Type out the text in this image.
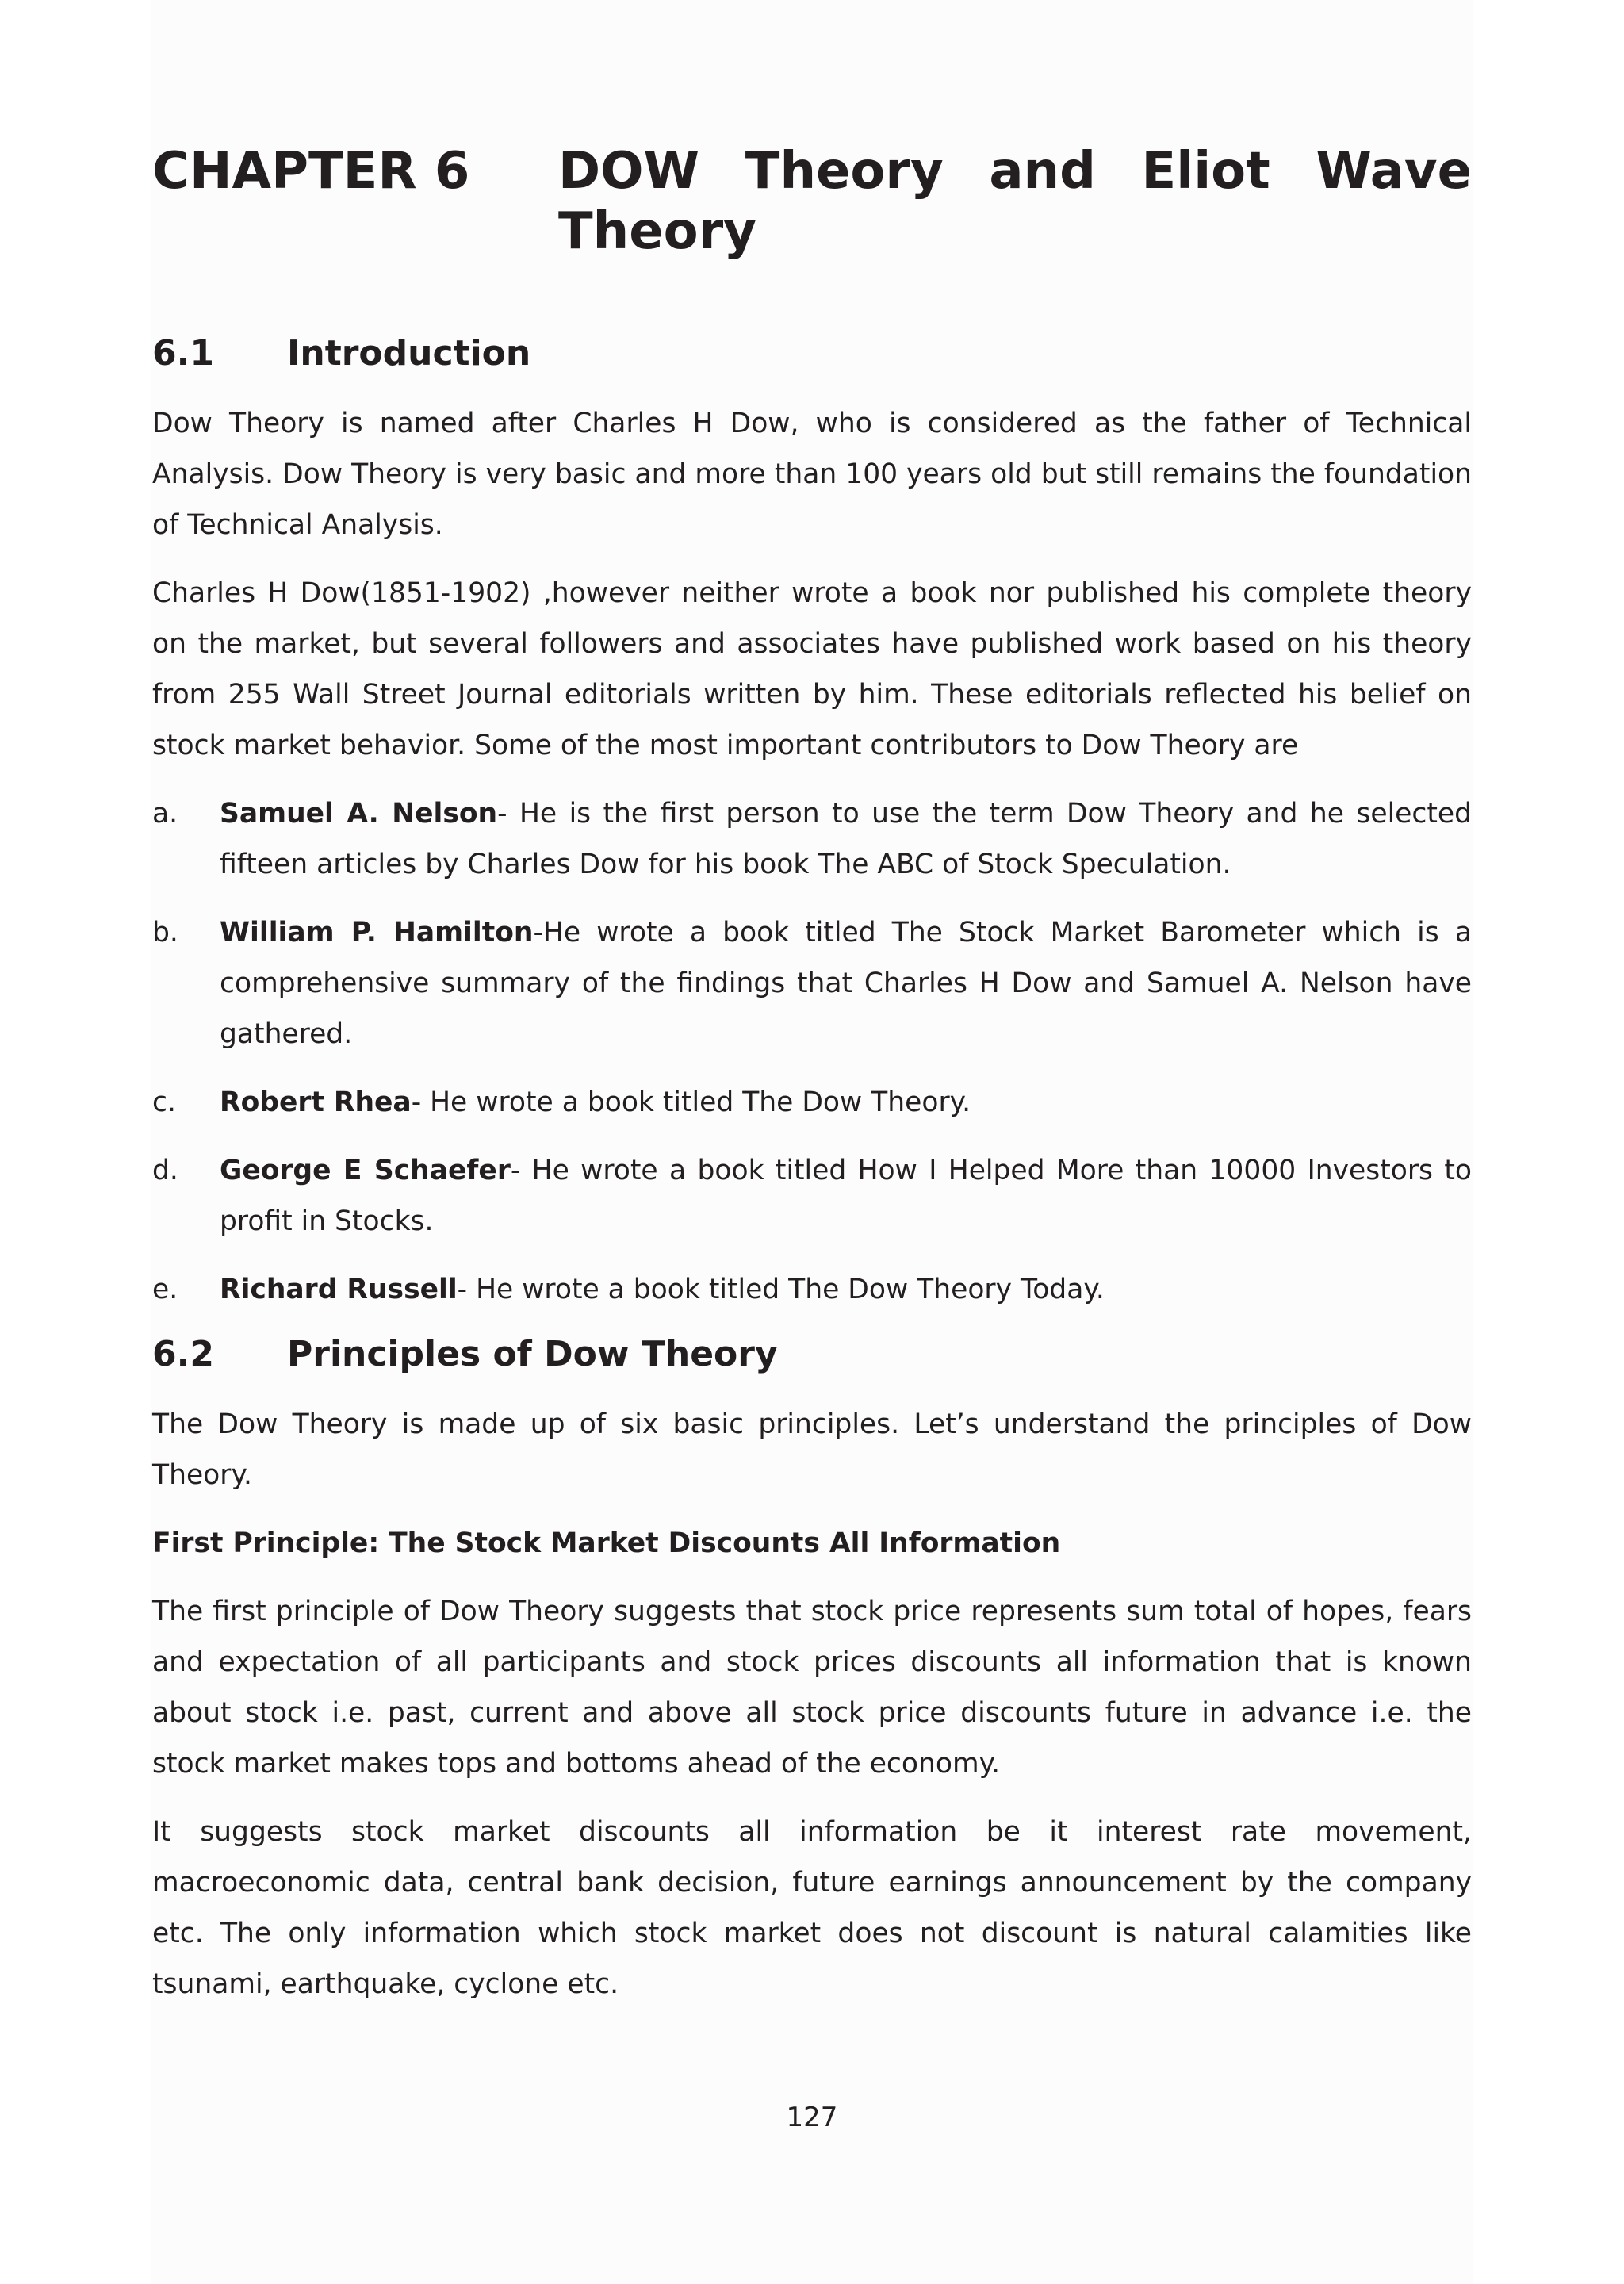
CHAPTER 6	DOW Theory and Eliot Wave Theory
6.1	Introduction

Dow Theory is named after Charles H Dow, who is considered as the father of Technical Analysis. Dow Theory is very basic and more than 100 years old but still remains the foundation of Technical Analysis.

Charles H Dow(1851-1902) ,however neither wrote a book nor published his complete theory on the market, but several followers and associates have published work based on his theory from 255 Wall Street Journal editorials written by him. These editorials reflected his belief on stock market behavior. Some of the most important contributors to Dow Theory are

a.	Samuel A. Nelson- He is the first person to use the term Dow Theory and he selected fifteen articles by Charles Dow for his book The ABC of Stock Speculation.
b.	William P. Hamilton-He wrote a book titled The Stock Market Barometer which is a comprehensive summary of the findings that Charles H Dow and Samuel A. Nelson have gathered.
c.	Robert Rhea- He wrote a book titled The Dow Theory.
d.	George E Schaefer- He wrote a book titled How I Helped More than 10000 Investors to profit in Stocks.
e.	Richard Russell- He wrote a book titled The Dow Theory Today.
6.2	Principles of Dow Theory

The Dow Theory is made up of six basic principles. Let’s understand the principles of Dow Theory.

First Principle: The Stock Market Discounts All Information

The first principle of Dow Theory suggests that stock price represents sum total of hopes, fears and expectation of all participants and stock prices discounts all information that is known about stock i.e. past, current and above all stock price discounts future in advance i.e. the stock market makes tops and bottoms ahead of the economy.

It suggests stock market discounts all information be it interest rate movement, macroeconomic data, central bank decision, future earnings announcement by the company etc. The only information which stock market does not discount is natural calamities like tsunami, earthquake, cyclone etc.

127
